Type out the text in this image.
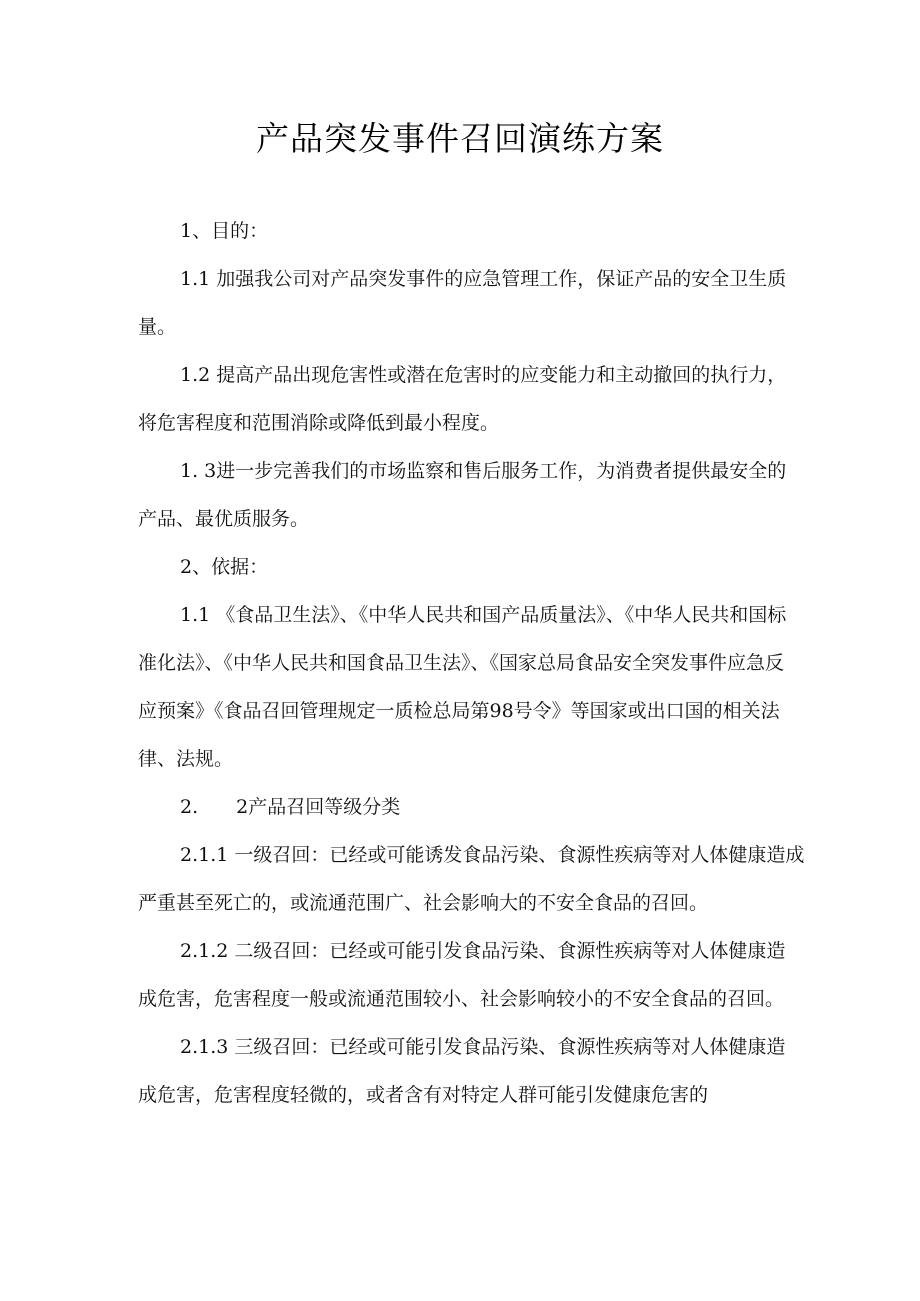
产品突发事件召回演练方案

1、目的：

1.1 加强我公司对产品突发事件的应急管理工作，保证产品的安全卫生质量。

1.2 提高产品出现危害性或潜在危害时的应变能力和主动撤回的执行力，将危害程度和范围消除或降低到最小程度。

1. 3进一步完善我们的市场监察和售后服务工作，为消费者提供最安全的产品、最优质服务。

2、依据：

1.1 《食品卫生法》、《中华人民共和国产品质量法》、《中华人民共和国标准化法》、《中华人民共和国食品卫生法》、《国家总局食品安全突发事件应急反应预案》《食品召回管理规定一质检总局第98号令》等国家或出口国的相关法律、法规。

2.　　2产品召回等级分类

2.1.1 一级召回：已经或可能诱发食品污染、食源性疾病等对人体健康造成严重甚至死亡的，或流通范围广、社会影响大的不安全食品的召回。

2.1.2 二级召回：已经或可能引发食品污染、食源性疾病等对人体健康造成危害，危害程度一般或流通范围较小、社会影响较小的不安全食品的召回。

2.1.3 三级召回：已经或可能引发食品污染、食源性疾病等对人体健康造成危害，危害程度轻微的，或者含有对特定人群可能引发健康危害的
